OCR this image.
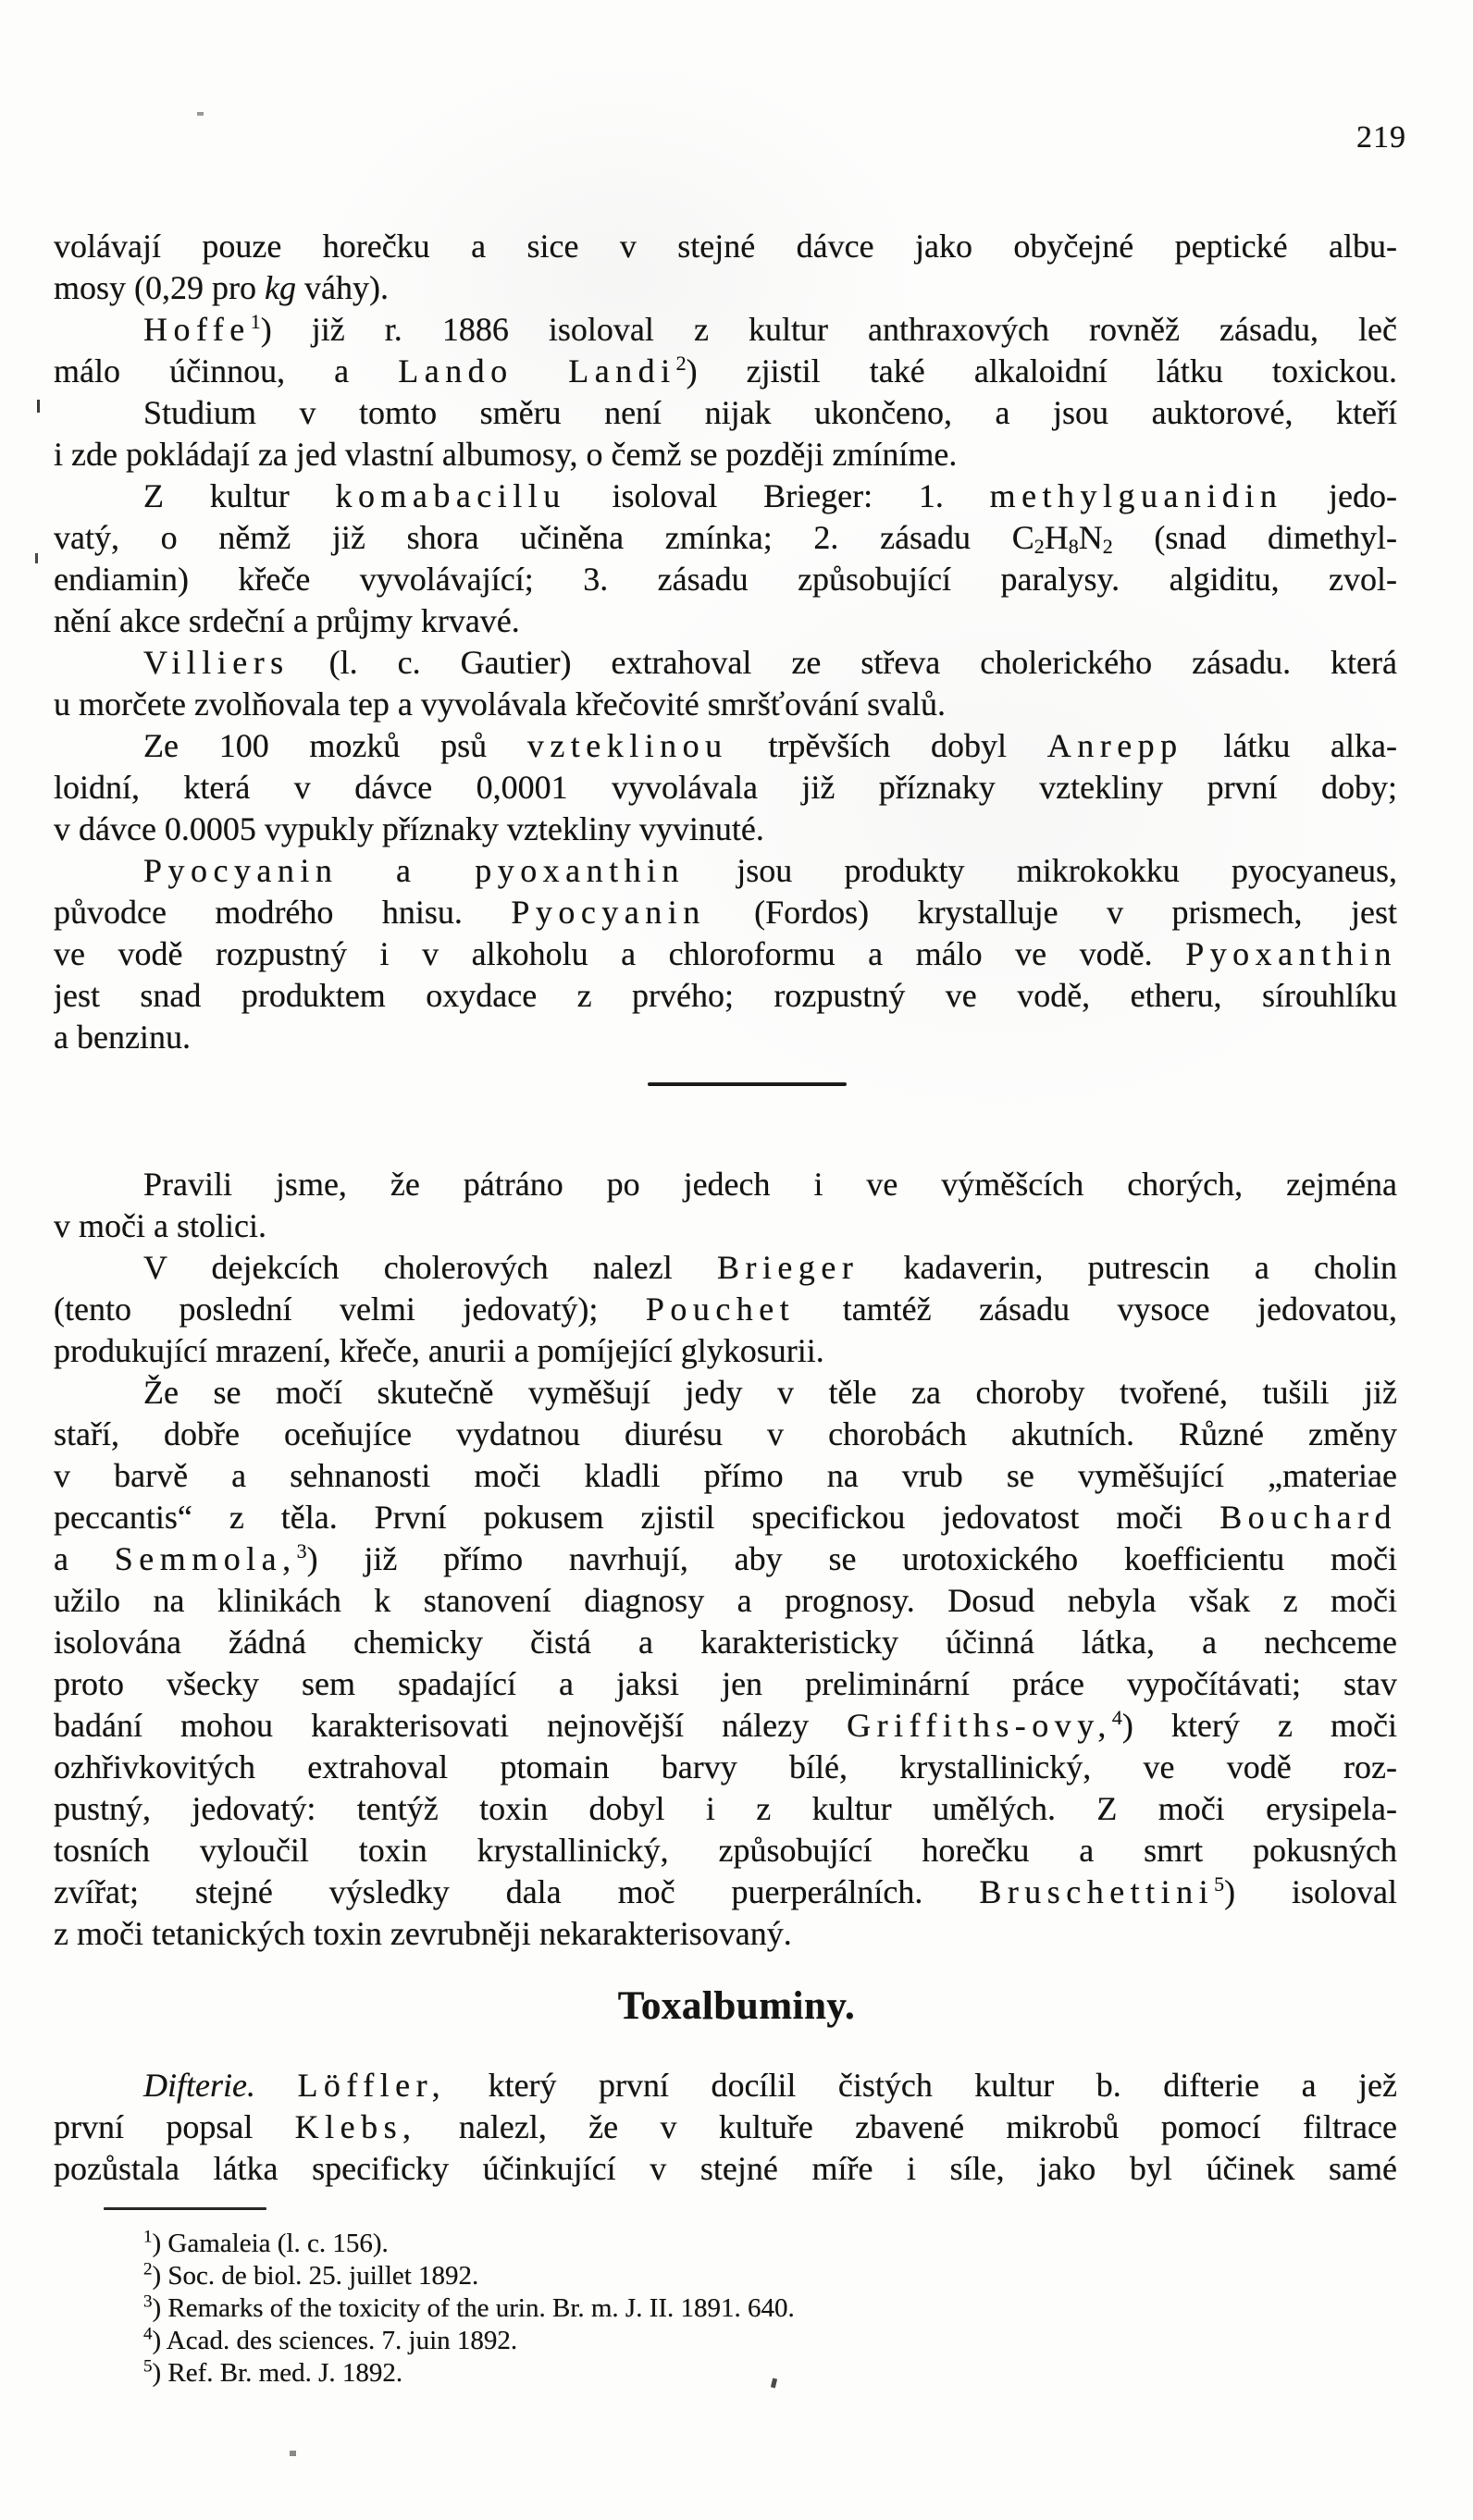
219
volávají pouze horečku a sice v stejné dávce jako obyčejné peptické albu-
mosy (0,29 pro kg váhy).
Hoffe$^1$) již r. 1886 isoloval z kultur anthraxových rovněž zásadu, leč
málo účinnou, a Lando Landi$^2$) zjistil také alkaloidní látku toxickou.
Studium v tomto směru není nijak ukončeno, a jsou auktorové, kteří
i zde pokládají za jed vlastní albumosy, o čemž se později zmíníme.
Z kultur komabacillu isoloval Brieger: 1. methylguanidin jedo-
vatý, o němž již shora učiněna zmínka; 2. zásadu $C_2H_8N_2$ (snad dimethyl-
endiamin) křeče vyvolávající; 3. zásadu způsobující paralysy. algiditu, zvol-
nění akce srdeční a průjmy krvavé.
Villiers (l. c. Gautier) extrahoval ze střeva cholerického zásadu. která
u morčete zvolňovala tep a vyvolávala křečovité smršťování svalů.
Ze 100 mozků psů vzteklinou trpěvších dobyl Anrepp látku alka-
loidní, která v dávce 0,0001 vyvolávala již příznaky vztekliny první doby;
v dávce 0.0005 vypukly příznaky vztekliny vyvinuté.
Pyocyanin a pyoxanthin jsou produkty mikrokokku pyocyaneus,
původce modrého hnisu. Pyocyanin (Fordos) krystalluje v prismech, jest
ve vodě rozpustný i v alkoholu a chloroformu a málo ve vodě. Pyoxanthin
jest snad produktem oxydace z prvého; rozpustný ve vodě, etheru, sírouhlíku
a benzinu.
Pravili jsme, že pátráno po jedech i ve výměšcích chorých, zejména
v moči a stolici.
V dejekcích cholerových nalezl Brieger kadaverin, putrescin a cholin
(tento poslední velmi jedovatý); Pouchet tamtéž zásadu vysoce jedovatou,
produkující mrazení, křeče, anurii a pomíjející glykosurii.
Že se močí skutečně vyměšují jedy v těle za choroby tvořené, tušili již
staří, dobře oceňujíce vydatnou diurésu v chorobách akutních. Různé změny
v barvě a sehnanosti moči kladli přímo na vrub se vyměšující „materiae
peccantis“ z těla. První pokusem zjistil specifickou jedovatost moči Bouchard
a Semmola,$^3$) již přímo navrhují, aby se urotoxického koefficientu moči
užilo na klinikách k stanovení diagnosy a prognosy. Dosud nebyla však z moči
isolována žádná chemicky čistá a karakteristicky účinná látka, a nechceme
proto všecky sem spadající a jaksi jen preliminární práce vypočítávati; stav
badání mohou karakterisovati nejnovější nálezy Griffiths-ovy,$^4$) který z moči
ozhřivkovitých extrahoval ptomain barvy bílé, krystallinický, ve vodě roz-
pustný, jedovatý: tentýž toxin dobyl i z kultur umělých. Z moči erysipela-
tosních vyloučil toxin krystallinický, způsobující horečku a smrt pokusných
zvířat; stejné výsledky dala moč puerperálních. Bruschettini$^5$) isoloval
z moči tetanických toxin zevrubněji nekarakterisovaný.
Toxalbuminy.
Difterie. Löffler, který první docílil čistých kultur b. difterie a jež
první popsal Klebs, nalezl, že v kultuře zbavené mikrobů pomocí filtrace
pozůstala látka specificky účinkující v stejné míře i síle, jako byl účinek samé
$^1$) Gamaleia (l. c. 156).
$^2$) Soc. de biol. 25. juillet 1892.
$^3$) Remarks of the toxicity of the urin. Br. m. J. II. 1891. 640.
$^4$) Acad. des sciences. 7. juin 1892.
$^5$) Ref. Br. med. J. 1892.
